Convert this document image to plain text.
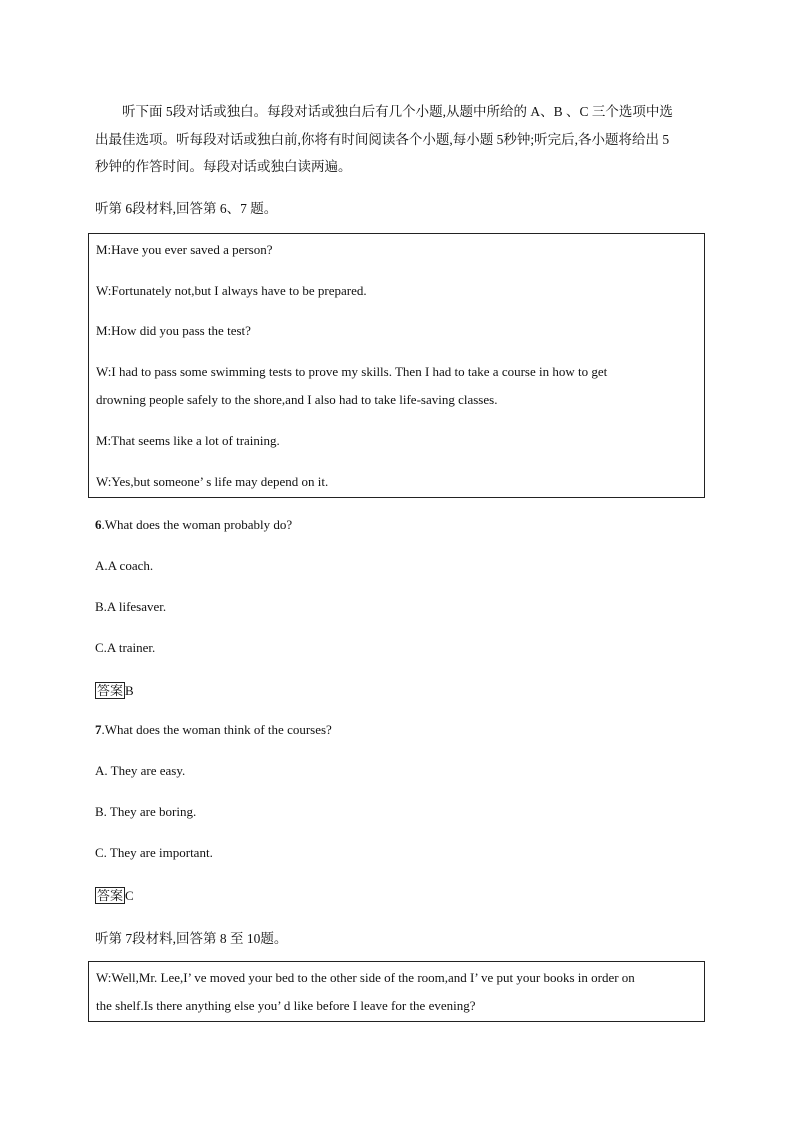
听下面 5段对话或独白。每段对话或独白后有几个小题,从题中所给的 A、B 、C 三个选项中选

出最佳选项。听每段对话或独白前,你将有时间阅读各个小题,每小题 5秒钟;听完后,各小题将给出 5

秒钟的作答时间。每段对话或独白读两遍。

听第 6段材料,回答第 6、7 题。
M:Have you ever saved a person?
W:Fortunately not,but I always have to be prepared.
M:How did you pass the test?
W:I had to pass some swimming tests to prove my skills. Then I had to take a course in how to get
drowning people safely to the shore,and I also had to take life-saving classes.
M:That seems like a lot of training.
W:Yes,but someone’ s life may depend on it.
6.What does the woman probably do?
A.A coach.
B.A lifesaver.
C.A trainer.
答案 B
7.What does the woman think of the courses?
A. They are easy.
B. They are boring.
C. They are important.
答案 C
听第 7段材料,回答第 8 至 10题。
W:Well,Mr. Lee,I’ ve moved your bed to the other side of the room,and I’ ve put your books in order on
the shelf.Is there anything else you’ d like before I leave for the evening?
